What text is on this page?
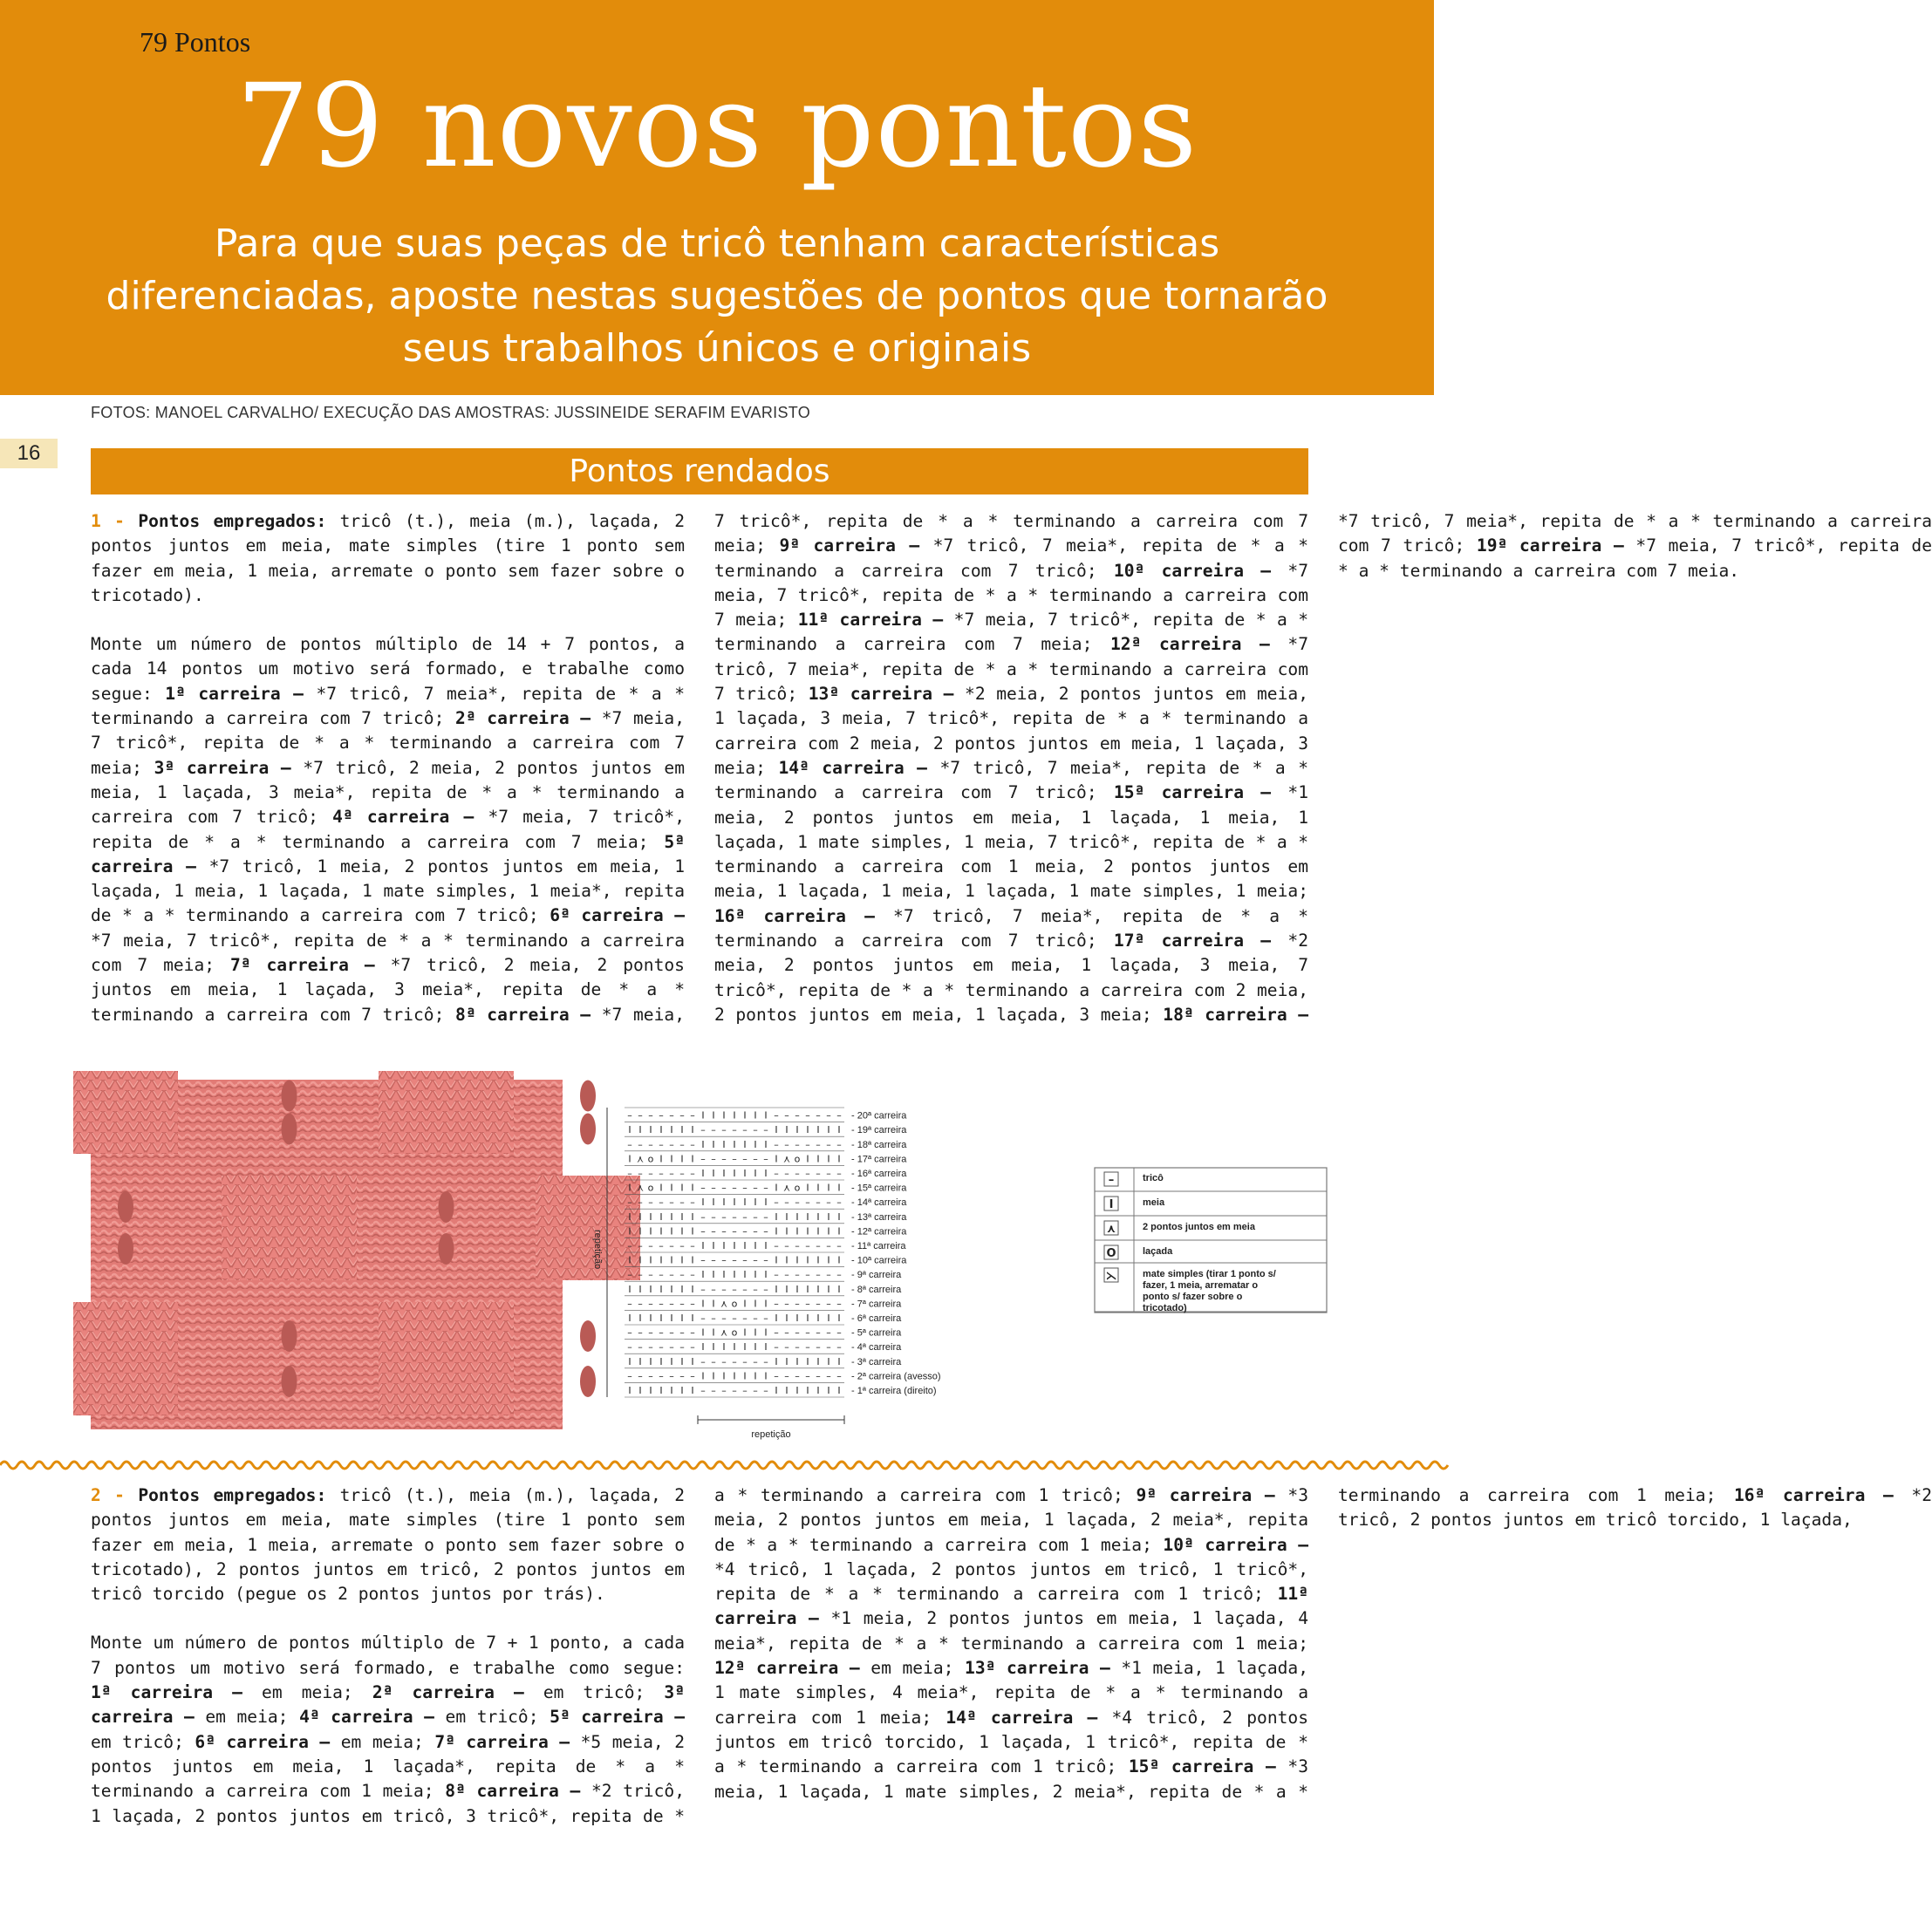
79 Pontos
79 novos pontos
Para que suas peças de tricô tenham características
diferenciadas, aposte nestas sugestões de pontos que tornarão
seus trabalhos únicos e originais
FOTOS: MANOEL CARVALHO/ EXECUÇÃO DAS AMOSTRAS: JUSSINEIDE SERAFIM EVARISTO
16
Pontos rendados

1 - Pontos empregados: tricô (t.), meia (m.), laçada, 2 pontos juntos em meia, mate simples (tire 1 ponto sem fazer em meia, 1 meia, arremate o ponto sem fazer sobre o tricotado).

Monte um número de pontos múltiplo de 14 + 7 pontos, a cada 14 pontos um motivo será formado, e trabalhe como segue: 1ª carreira – *7 tricô, 7 meia*, repita de * a * terminando a carreira com 7 tricô; 2ª carreira – *7 meia, 7 tricô*, repita de * a * terminando a carreira com 7 meia; 3ª carreira – *7 tricô, 2 meia, 2 pontos juntos em meia, 1 laçada, 3 meia*, repita de * a * terminando a carreira com 7 tricô; 4ª carreira – *7 meia, 7 tricô*, repita de * a * terminando a carreira com 7 meia; 5ª carreira – *7 tricô, 1 meia, 2 pontos juntos em meia, 1 laçada, 1 meia, 1 laçada, 1 mate simples, 1 meia*, repita de * a * terminando a carreira com 7 tricô; 6ª carreira – *7 meia, 7 tricô*, repita de * a * terminando a carreira com 7 meia; 7ª carreira – *7 tricô, 2 meia, 2 pontos juntos em meia, 1 laçada, 3 meia*, repita de * a * terminando a carreira com 7 tricô; 8ª carreira – *7 meia, 7 tricô*, repita de * a * terminando a carreira com 7 meia; 9ª carreira – *7 tricô, 7 meia*, repita de * a * terminando a carreira com 7 tricô; 10ª carreira – *7 meia, 7 tricô*, repita de * a * terminando a carreira com 7 meia; 11ª carreira – *7 meia, 7 tricô*, repita de * a * terminando a carreira com 7 meia; 12ª carreira – *7 tricô, 7 meia*, repita de * a * terminando a carreira com 7 tricô; 13ª carreira – *2 meia, 2 pontos juntos em meia, 1 laçada, 3 meia, 7 tricô*, repita de * a * terminando a carreira com 2 meia, 2 pontos juntos em meia, 1 laçada, 3 meia; 14ª carreira – *7 tricô, 7 meia*, repita de * a * terminando a carreira com 7 tricô; 15ª carreira – *1 meia, 2 pontos juntos em meia, 1 laçada, 1 meia, 1 laçada, 1 mate simples, 1 meia, 7 tricô*, repita de * a * terminando a carreira com 1 meia, 2 pontos juntos em meia, 1 laçada, 1 meia, 1 laçada, 1 mate simples, 1 meia; 16ª carreira – *7 tricô, 7 meia*, repita de * a * terminando a carreira com 7 tricô; 17ª carreira – *2 meia, 2 pontos juntos em meia, 1 laçada, 3 meia, 7 tricô*, repita de * a * terminando a carreira com 2 meia, 2 pontos juntos em meia, 1 laçada, 3 meia; 18ª carreira – *7 tricô, 7 meia*, repita de * a * terminando a carreira com 7 tricô; 19ª carreira – *7 meia, 7 tricô*, repita de * a * terminando a carreira com 7 meia.

– – – – – – – I I I I I I I – – – – – – – - 20ª carreira
I I I I I I I – – – – – – – I I I I I I I - 19ª carreira
– – – – – – – I I I I I I I – – – – – – – - 18ª carreira
I ⋏ o I I I I – – – – – – – I ⋏ o I I I I - 17ª carreira
– – – – – – – I I I I I I I – – – – – – – - 16ª carreira
I ⋏ o I I I I – – – – – – – I ⋏ o I I I I - 15ª carreira
– – – – – – – I I I I I I I – – – – – – – - 14ª carreira
I I I I I I I – – – – – – – I I I I I I I - 13ª carreira
I I I I I I I – – – – – – – I I I I I I I - 12ª carreira
– – – – – – – I I I I I I I – – – – – – – - 11ª carreira
I I I I I I I – – – – – – – I I I I I I I - 10ª carreira
– – – – – – – I I I I I I I – – – – – – – - 9ª carreira
I I I I I I I – – – – – – – I I I I I I I - 8ª carreira
– – – – – – – I I ⋏ o I I I – – – – – – – - 7ª carreira
I I I I I I I – – – – – – – I I I I I I I - 6ª carreira
– – – – – – – I I ⋏ o I I I – – – – – – – - 5ª carreira
– – – – – – – I I I I I I I – – – – – – – - 4ª carreira
I I I I I I I – – – – – – – I I I I I I I - 3ª carreira
– – – – – – – I I I I I I I – – – – – – – - 2ª carreira (avesso)
I I I I I I I – – – – – – – I I I I I I I - 1ª carreira (direito)
repetição
repetição
–	tricô
I	meia
⋏	2 pontos juntos em meia
O	laçada
⋋	mate simples (tirar 1 ponto s/
fazer, 1 meia, arrematar o
ponto s/ fazer sobre o
tricotado)

2 - Pontos empregados: tricô (t.), meia (m.), laçada, 2 pontos juntos em meia, mate simples (tire 1 ponto sem fazer em meia, 1 meia, arremate o ponto sem fazer sobre o tricotado), 2 pontos juntos em tricô, 2 pontos juntos em tricô torcido (pegue os 2 pontos juntos por trás).

Monte um número de pontos múltiplo de 7 + 1 ponto, a cada 7 pontos um motivo será formado, e trabalhe como segue: 1ª carreira – em meia; 2ª carreira – em tricô; 3ª carreira – em meia; 4ª carreira – em tricô; 5ª carreira – em tricô; 6ª carreira – em meia; 7ª carreira – *5 meia, 2 pontos juntos em meia, 1 laçada*, repita de * a * terminando a carreira com 1 meia; 8ª carreira – *2 tricô, 1 laçada, 2 pontos juntos em tricô, 3 tricô*, repita de * a * terminando a carreira com 1 tricô; 9ª carreira – *3 meia, 2 pontos juntos em meia, 1 laçada, 2 meia*, repita de * a * terminando a carreira com 1 meia; 10ª carreira – *4 tricô, 1 laçada, 2 pontos juntos em tricô, 1 tricô*, repita de * a * terminando a carreira com 1 tricô; 11ª carreira – *1 meia, 2 pontos juntos em meia, 1 laçada, 4 meia*, repita de * a * terminando a carreira com 1 meia; 12ª carreira – em meia; 13ª carreira – *1 meia, 1 laçada, 1 mate simples, 4 meia*, repita de * a * terminando a carreira com 1 meia; 14ª carreira – *4 tricô, 2 pontos juntos em tricô torcido, 1 laçada, 1 tricô*, repita de * a * terminando a carreira com 1 tricô; 15ª carreira – *3 meia, 1 laçada, 1 mate simples, 2 meia*, repita de * a * terminando a carreira com 1 meia; 16ª carreira – *2 tricô, 2 pontos juntos em tricô torcido, 1 laçada,
